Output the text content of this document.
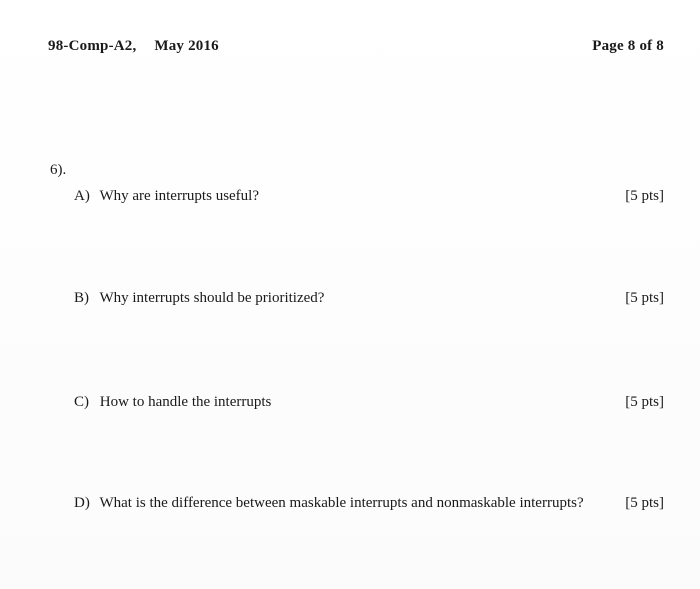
98-Comp-A2, May 2016	Page 8 of 8
6).
A) Why are interrupts useful?	[5 pts]
B) Why interrupts should be prioritized?	[5 pts]
C) How to handle the interrupts	[5 pts]
D) What is the difference between maskable interrupts and nonmaskable interrupts?	[5 pts]
